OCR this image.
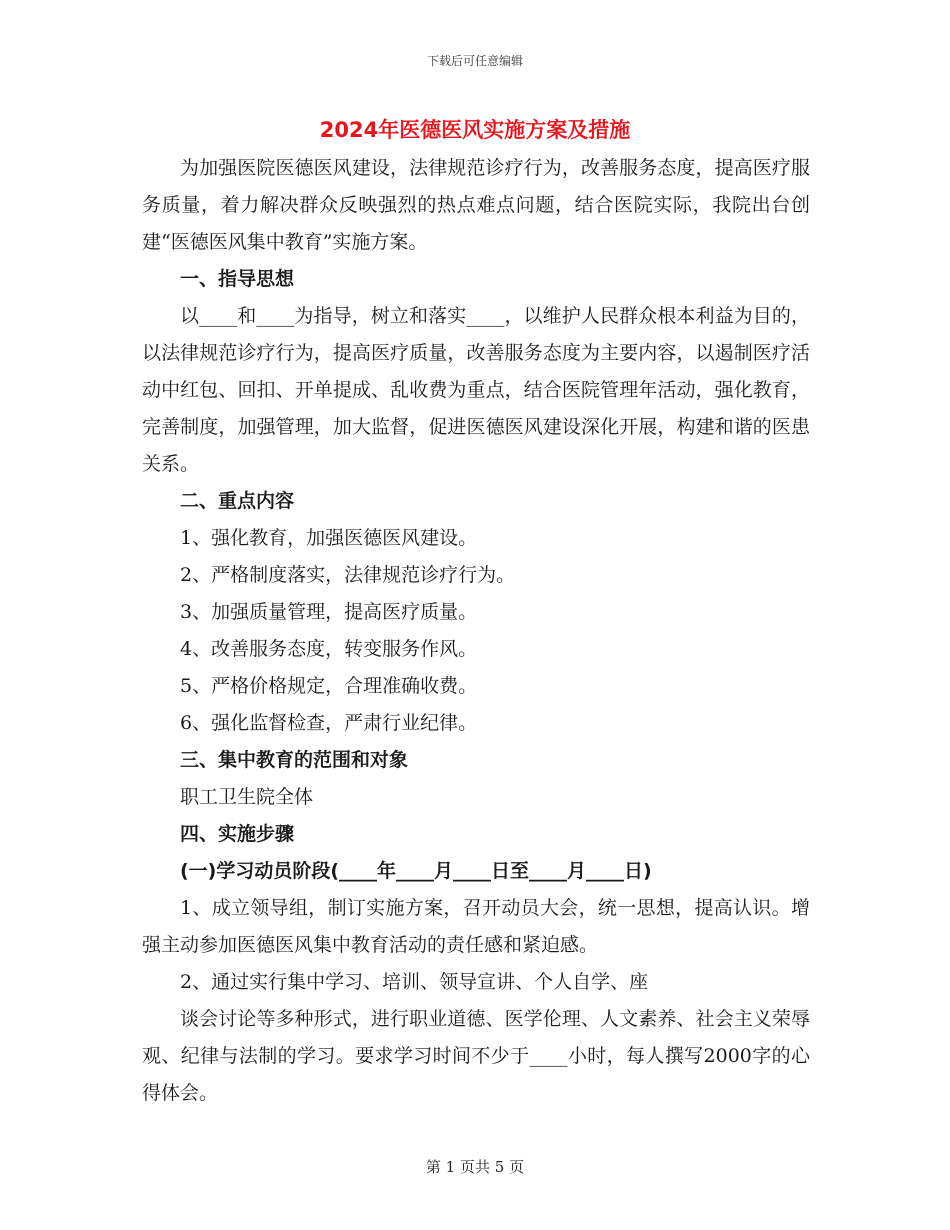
下载后可任意编辑
2024年医德医风实施方案及措施

为加强医院医德医风建设，法律规范诊疗行为，改善服务态度，提高医疗服务质量，着力解决群众反映强烈的热点难点问题，结合医院实际，我院出台创建“医德医风集中教育”实施方案。

一、指导思想

以____和____为指导，树立和落实____，以维护人民群众根本利益为目的，以法律规范诊疗行为，提高医疗质量，改善服务态度为主要内容，以遏制医疗活动中红包、回扣、开单提成、乱收费为重点，结合医院管理年活动，强化教育，完善制度，加强管理，加大监督，促进医德医风建设深化开展，构建和谐的医患关系。

二、重点内容

1、强化教育，加强医德医风建设。

2、严格制度落实，法律规范诊疗行为。

3、加强质量管理，提高医疗质量。

4、改善服务态度，转变服务作风。

5、严格价格规定，合理准确收费。

6、强化监督检查，严肃行业纪律。

三、集中教育的范围和对象

职工卫生院全体

四、实施步骤

(一)学习动员阶段(____年____月____日至____月____日)

1、成立领导组，制订实施方案，召开动员大会，统一思想，提高认识。增强主动参加医德医风集中教育活动的责任感和紧迫感。

2、通过实行集中学习、培训、领导宣讲、个人自学、座

谈会讨论等多种形式，进行职业道德、医学伦理、人文素养、社会主义荣辱观、纪律与法制的学习。要求学习时间不少于____小时，每人撰写2000字的心得体会。

第 1 页共 5 页
